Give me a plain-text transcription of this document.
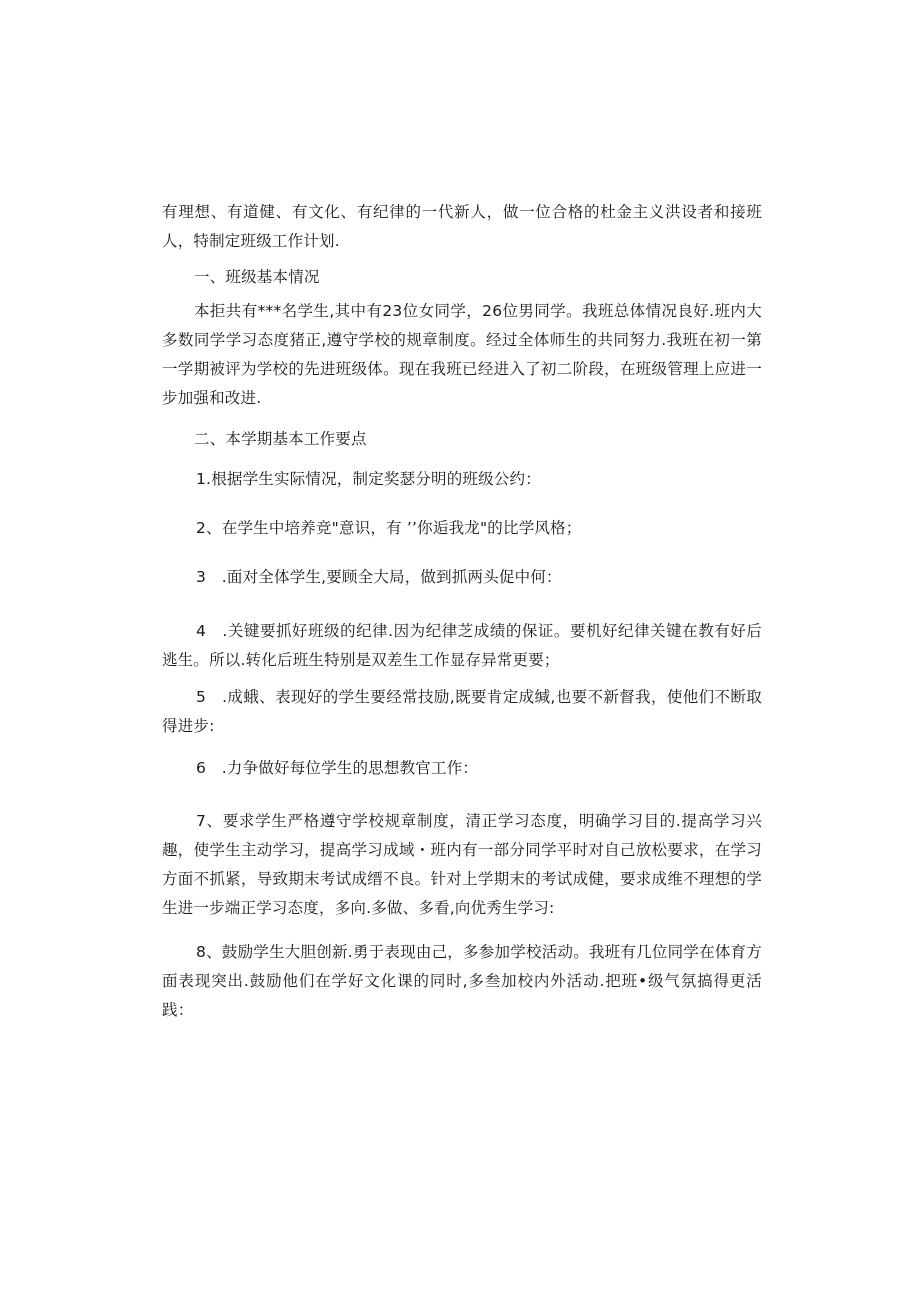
有理想、有道健、有文化、有纪律的一代新人，做一位合格的杜金主义洪设者和接班人，特制定班级工作计划.

一、班级基本情况

本拒共有***名学生,其中有23位女同学，26位男同学。我班总体情况良好.班内大多数同学学习态度猪正,遵守学校的规章制度。经过全体师生的共同努力.我班在初一第一学期被评为学校的先进班级体。现在我班已经进入了初二阶段，在班级管理上应进一步加强和改进.

二、本学期基本工作要点

1.根据学生实际情况，制定奖瑟分明的班级公约：

2、在学生中培养竞"意识，有 ’’你逅我龙"的比学风格；

3　.面对全体学生,要顾全大局，做到抓两头促中何：

4　.关键要抓好班级的纪律.因为纪律芝成绩的保证。要机好纪律关键在教有好后逃生。所以.转化后班生特别是双差生工作显存异常更要；

5　.成蛾、表现好的学生要经常技励,既要肯定成缄,也要不新督我，使他们不断取得进步:

6　.力争做好每位学生的思想教官工作：

7、要求学生严格遵守学校规章制度，清正学习态度，明确学习目的.提高学习兴趣，使学生主动学习，提高学习成域・班内有一部分同学平时对自己放松要求，在学习方面不抓紧，导致期末考试成缙不良。针对上学期末的考试成健，要求成维不理想的学生进一步端正学习态度，多向.多做、多看,向优秀生学习:

8、鼓励学生大胆创新.勇于表现由己，多参加学校活动。我班有几位同学在体育方面表现突出.鼓励他们在学好文化课的同时,多叁加校内外活动.把班•级气氛搞得更活践：
